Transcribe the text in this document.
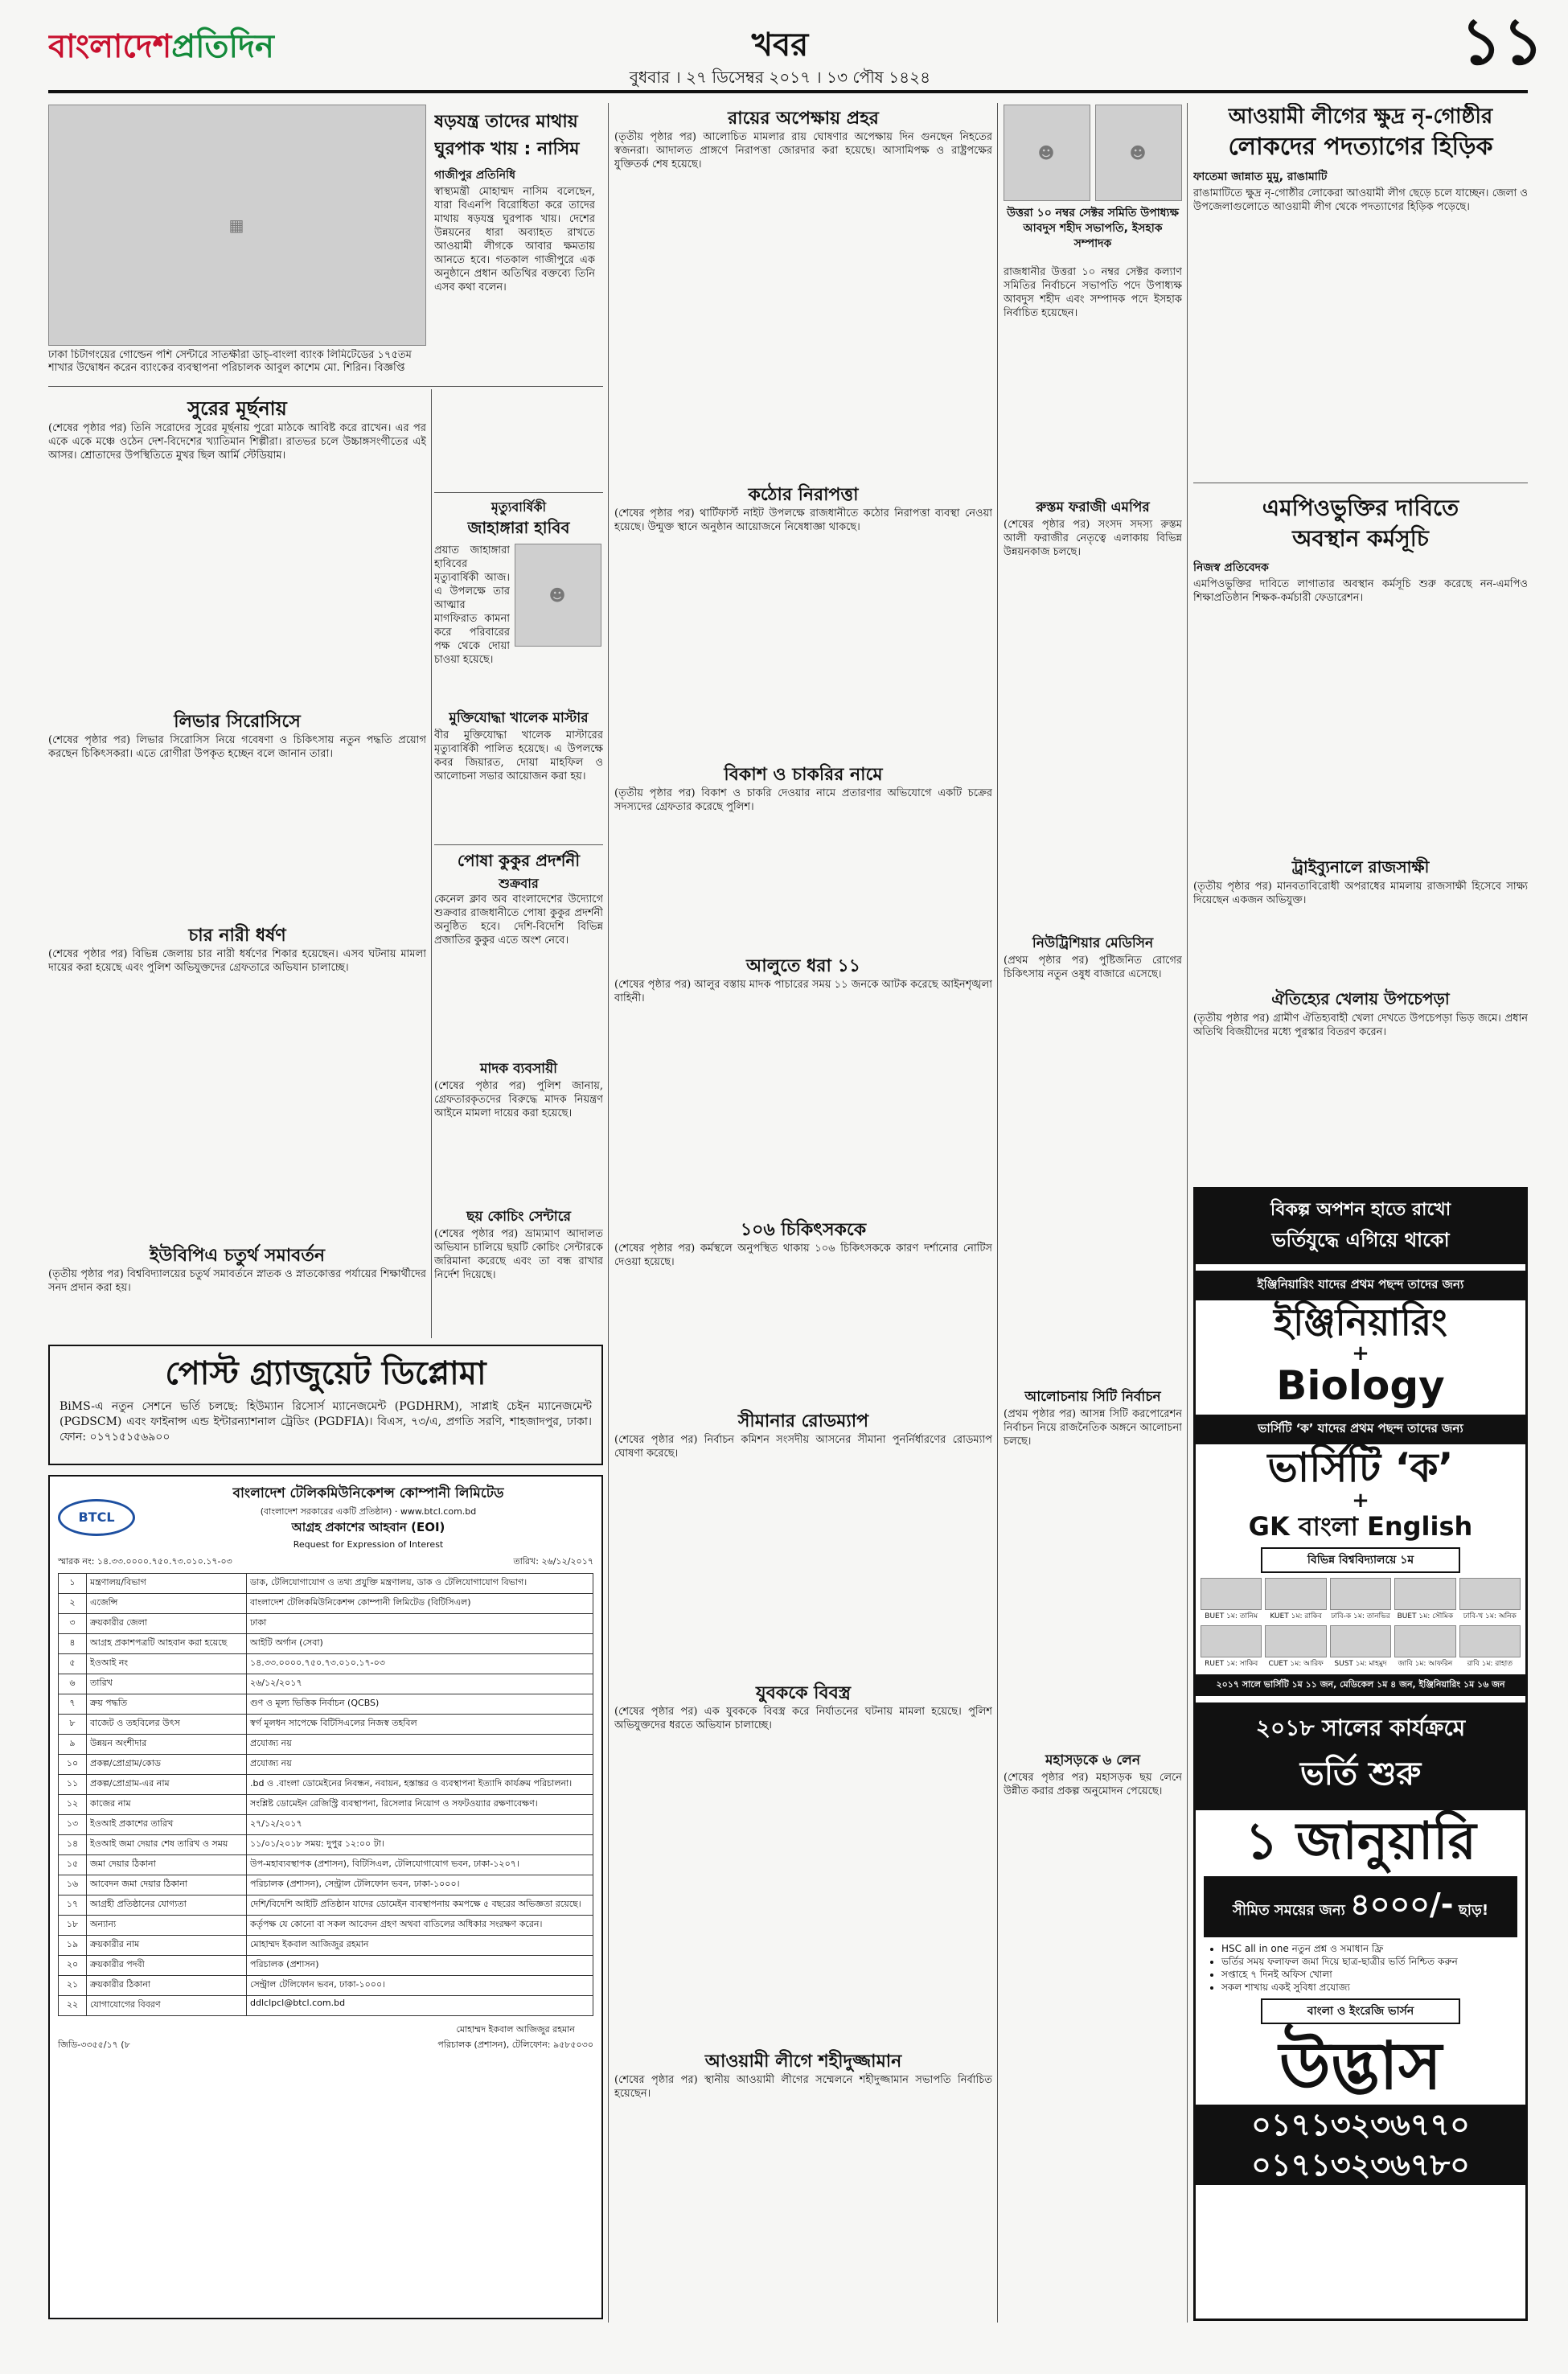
বাংলাদেশপ্রতিদিন	খবর
বুধবার । ২৭ ডিসেম্বর ২০১৭ । ১৩ পৌষ ১৪২৪	১১
▦
ঢাকা চিটাগংয়ের গোল্ডেন পশি সেন্টারে সাতক্ষীরা ডাচ্‌-বাংলা ব্যাংক লিমিটেডের ১৭৫তম শাখার উদ্বোধন করেন ব্যাংকের ব্যবস্থাপনা পরিচালক আবুল কাশেম মো. শিরিন। বিজ্ঞপ্তি
ষড়যন্ত্র তাদের মাথায়
ঘুরপাক খায় : নাসিম
গাজীপুর প্রতিনিধি
স্বাস্থ্যমন্ত্রী মোহাম্মদ নাসিম বলেছেন, যারা বিএনপি বিরোধিতা করে তাদের মাথায় ষড়যন্ত্র ঘুরপাক খায়। দেশের উন্নয়নের ধারা অব্যাহত রাখতে আওয়ামী লীগকে আবার ক্ষমতায় আনতে হবে। গতকাল গাজীপুরে এক অনুষ্ঠানে প্রধান অতিথির বক্তব্যে তিনি এসব কথা বলেন।
সুরের মূর্ছনায়
(শেষের পৃষ্ঠার পর) তিনি সরোদের সুরের মূর্ছনায় পুরো মাঠকে আবিষ্ট করে রাখেন। এর পর একে একে মঞ্চে ওঠেন দেশ-বিদেশের খ্যাতিমান শিল্পীরা। রাতভর চলে উচ্চাঙ্গসংগীতের এই আসর। শ্রোতাদের উপস্থিতিতে মুখর ছিল আর্মি স্টেডিয়াম।
লিভার সিরোসিসে
(শেষের পৃষ্ঠার পর) লিভার সিরোসিস নিয়ে গবেষণা ও চিকিৎসায় নতুন পদ্ধতি প্রয়োগ করছেন চিকিৎসকরা। এতে রোগীরা উপকৃত হচ্ছেন বলে জানান তারা।
চার নারী ধর্ষণ
(শেষের পৃষ্ঠার পর) বিভিন্ন জেলায় চার নারী ধর্ষণের শিকার হয়েছেন। এসব ঘটনায় মামলা দায়ের করা হয়েছে এবং পুলিশ অভিযুক্তদের গ্রেফতারে অভিযান চালাচ্ছে।
ইউবিপিএ চতুর্থ সমাবর্তন
(তৃতীয় পৃষ্ঠার পর) বিশ্ববিদ্যালয়ের চতুর্থ সমাবর্তনে স্নাতক ও স্নাতকোত্তর পর্যায়ের শিক্ষার্থীদের সনদ প্রদান করা হয়।
পোস্ট গ্র্যাজুয়েট ডিপ্লোমা
BiMS-এ নতুন সেশনে ভর্তি চলছে: হিউম্যান রিসোর্স ম্যানেজমেন্ট (PGDHRM), সাপ্লাই চেইন ম্যানেজমেন্ট (PGDSCM) এবং ফাইনান্স এন্ড ইন্টারন্যাশনাল ট্রেডিং (PGDFIA)। বিএস, ৭৩/এ, প্রগতি সরণি, শাহজাদপুর, ঢাকা। ফোন: ০১৭১৫১৫৬৯০০
BTCL
বাংলাদেশ টেলিকমিউনিকেশন্স কোম্পানী লিমিটেড
(বাংলাদেশ সরকারের একটি প্রতিষ্ঠান) · www.btcl.com.bd
আগ্রহ প্রকাশের আহবান (EOI)
Request for Expression of Interest
স্মারক নং: ১৪.৩৩.০০০০.৭৫০.৭৩.০১০.১৭-০৩	তারিখ: ২৬/১২/২০১৭
১	মন্ত্রণালয়/বিভাগ	ডাক, টেলিযোগাযোগ ও তথ্য প্রযুক্তি মন্ত্রণালয়, ডাক ও টেলিযোগাযোগ বিভাগ।
২	এজেন্সি	বাংলাদেশ টেলিকমিউনিকেশন্স কোম্পানী লিমিটেড (বিটিসিএল)
৩	ক্রয়কারীর জেলা	ঢাকা
৪	আগ্রহ প্রকাশপত্রটি আহবান করা হয়েছে	আইটি অর্গান (সেবা)
৫	ইওআই নং	১৪.৩৩.০০০০.৭৫০.৭৩.০১০.১৭-০৩
৬	তারিখ	২৬/১২/২০১৭
৭	ক্রয় পদ্ধতি	গুণ ও মূল্য ভিত্তিক নির্বাচন (QCBS)
৮	বাজেট ও তহবিলের উৎস	স্বর্গ মূলধন সাপেক্ষে বিটিসিএলের নিজস্ব তহবিল
৯	উন্নয়ন অংশীদার	প্রযোজ্য নয়
১০	প্রকল্প/প্রোগ্রাম/কোড	প্রযোজ্য নয়
১১	প্রকল্প/প্রোগ্রাম-এর নাম	.bd ও .বাংলা ডোমেইনের নিবন্ধন, নবায়ন, হস্তান্তর ও ব্যবস্থাপনা ইত্যাদি কার্যক্রম পরিচালনা।
১২	কাজের নাম	সংশ্লিষ্ট ডোমেইন রেজিস্ট্রি ব্যবস্থাপনা, রিসেলার নিয়োগ ও সফটওয়্যার রক্ষণাবেক্ষণ।
১৩	ইওআই প্রকাশের তারিখ	২৭/১২/২০১৭
১৪	ইওআই জমা দেয়ার শেষ তারিখ ও সময়	১১/০১/২০১৮ সময়: দুপুর ১২:০০ টা।
১৫	জমা দেয়ার ঠিকানা	উপ-মহাব্যবস্থাপক (প্রশাসন), বিটিসিএল, টেলিযোগাযোগ ভবন, ঢাকা-১২০৭।
১৬	আবেদন জমা দেয়ার ঠিকানা	পরিচালক (প্রশাসন), সেন্ট্রাল টেলিফোন ভবন, ঢাকা-১০০০।
১৭	আগ্রহী প্রতিষ্ঠানের যোগ্যতা	দেশি/বিদেশি আইটি প্রতিষ্ঠান যাদের ডোমেইন ব্যবস্থাপনায় কমপক্ষে ৫ বছরের অভিজ্ঞতা রয়েছে।
১৮	অন্যান্য	কর্তৃপক্ষ যে কোনো বা সকল আবেদন গ্রহণ অথবা বাতিলের অধিকার সংরক্ষণ করেন।
১৯	ক্রয়কারীর নাম	মোহাম্মদ ইকবাল আজিজুর রহমান
২০	ক্রয়কারীর পদবী	পরিচালক (প্রশাসন)
২১	ক্রয়কারীর ঠিকানা	সেন্ট্রাল টেলিফোন ভবন, ঢাকা-১০০০।
২২	যোগাযোগের বিবরণ	ddlclpcl@btcl.com.bd
জিডি-৩৩৫৫/১৭ (৮
মোহাম্মদ ইকবাল আজিজুর রহমান
পরিচালক (প্রশাসন), টেলিফোন: ৯৫৮৫০৩০
মৃত্যুবার্ষিকী
জাহাঙ্গারা হাবিব
☻
প্রয়াত জাহাঙ্গারা হাবিবের মৃত্যুবার্ষিকী আজ। এ উপলক্ষে তার আত্মার মাগফিরাত কামনা করে পরিবারের পক্ষ থেকে দোয়া চাওয়া হয়েছে।
মুক্তিযোদ্ধা খালেক মাস্টার
বীর মুক্তিযোদ্ধা খালেক মাস্টারের মৃত্যুবার্ষিকী পালিত হয়েছে। এ উপলক্ষে কবর জিয়ারত, দোয়া মাহফিল ও আলোচনা সভার আয়োজন করা হয়।
পোষা কুকুর প্রদর্শনী
শুক্রবার
কেনেল ক্লাব অব বাংলাদেশের উদ্যোগে শুক্রবার রাজধানীতে পোষা কুকুর প্রদর্শনী অনুষ্ঠিত হবে। দেশি-বিদেশি বিভিন্ন প্রজাতির কুকুর এতে অংশ নেবে।
মাদক ব্যবসায়ী
(শেষের পৃষ্ঠার পর) পুলিশ জানায়, গ্রেফতারকৃতদের বিরুদ্ধে মাদক নিয়ন্ত্রণ আইনে মামলা দায়ের করা হয়েছে।
ছয় কোচিং সেন্টারে
(শেষের পৃষ্ঠার পর) ভ্রাম্যমাণ আদালত অভিযান চালিয়ে ছয়টি কোচিং সেন্টারকে জরিমানা করেছে এবং তা বন্ধ রাখার নির্দেশ দিয়েছে।
রায়ের অপেক্ষায় প্রহর
(তৃতীয় পৃষ্ঠার পর) আলোচিত মামলার রায় ঘোষণার অপেক্ষায় দিন গুনছেন নিহতের স্বজনরা। আদালত প্রাঙ্গণে নিরাপত্তা জোরদার করা হয়েছে। আসামিপক্ষ ও রাষ্ট্রপক্ষের যুক্তিতর্ক শেষ হয়েছে।
কঠোর নিরাপত্তা
(শেষের পৃষ্ঠার পর) থার্টিফার্স্ট নাইট উপলক্ষে রাজধানীতে কঠোর নিরাপত্তা ব্যবস্থা নেওয়া হয়েছে। উন্মুক্ত স্থানে অনুষ্ঠান আয়োজনে নিষেধাজ্ঞা থাকছে।
বিকাশ ও চাকরির নামে
(তৃতীয় পৃষ্ঠার পর) বিকাশ ও চাকরি দেওয়ার নামে প্রতারণার অভিযোগে একটি চক্রের সদস্যদের গ্রেফতার করেছে পুলিশ।
আলুতে ধরা ১১
(শেষের পৃষ্ঠার পর) আলুর বস্তায় মাদক পাচারের সময় ১১ জনকে আটক করেছে আইনশৃঙ্খলা বাহিনী।
১০৬ চিকিৎসককে
(শেষের পৃষ্ঠার পর) কর্মস্থলে অনুপস্থিত থাকায় ১০৬ চিকিৎসককে কারণ দর্শানোর নোটিস দেওয়া হয়েছে।
সীমানার রোডম্যাপ
(শেষের পৃষ্ঠার পর) নির্বাচন কমিশন সংসদীয় আসনের সীমানা পুনর্নির্ধারণের রোডম্যাপ ঘোষণা করেছে।
যুবককে বিবস্ত্র
(শেষের পৃষ্ঠার পর) এক যুবককে বিবস্ত্র করে নির্যাতনের ঘটনায় মামলা হয়েছে। পুলিশ অভিযুক্তদের ধরতে অভিযান চালাচ্ছে।
আওয়ামী লীগে শহীদুজ্জামান
(শেষের পৃষ্ঠার পর) স্থানীয় আওয়ামী লীগের সম্মেলনে শহীদুজ্জামান সভাপতি নির্বাচিত হয়েছেন।
☻	☻
উত্তরা ১০ নম্বর সেক্টর সমিতি উপাধ্যক্ষ আবদুস শহীদ সভাপতি, ইসহাক সম্পাদক
রাজধানীর উত্তরা ১০ নম্বর সেক্টর কল্যাণ সমিতির নির্বাচনে সভাপতি পদে উপাধ্যক্ষ আবদুস শহীদ এবং সম্পাদক পদে ইসহাক নির্বাচিত হয়েছেন।
রুস্তম ফরাজী এমপির
(শেষের পৃষ্ঠার পর) সংসদ সদস্য রুস্তম আলী ফরাজীর নেতৃত্বে এলাকায় বিভিন্ন উন্নয়নকাজ চলছে।
নিউট্রিশিয়ার মেডিসিন
(প্রথম পৃষ্ঠার পর) পুষ্টিজনিত রোগের চিকিৎসায় নতুন ওষুধ বাজারে এসেছে।
আলোচনায় সিটি নির্বাচন
(প্রথম পৃষ্ঠার পর) আসন্ন সিটি করপোরেশন নির্বাচন নিয়ে রাজনৈতিক অঙ্গনে আলোচনা চলছে।
মহাসড়কে ৬ লেন
(শেষের পৃষ্ঠার পর) মহাসড়ক ছয় লেনে উন্নীত করার প্রকল্প অনুমোদন পেয়েছে।
আওয়ামী লীগের ক্ষুদ্র নৃ-গোষ্ঠীর
লোকদের পদত্যাগের হিড়িক
ফাতেমা জান্নাত মুমু, রাঙামাটি
রাঙামাটিতে ক্ষুদ্র নৃ-গোষ্ঠীর লোকেরা আওয়ামী লীগ ছেড়ে চলে যাচ্ছেন। জেলা ও উপজেলাগুলোতে আওয়ামী লীগ থেকে পদত্যাগের হিড়িক পড়েছে।
এমপিওভুক্তির দাবিতে
অবস্থান কর্মসূচি
নিজস্ব প্রতিবেদক
এমপিওভুক্তির দাবিতে লাগাতার অবস্থান কর্মসূচি শুরু করেছে নন-এমপিও শিক্ষাপ্রতিষ্ঠান শিক্ষক-কর্মচারী ফেডারেশন।
ট্রাইব্যুনালে রাজসাক্ষী
(তৃতীয় পৃষ্ঠার পর) মানবতাবিরোধী অপরাধের মামলায় রাজসাক্ষী হিসেবে সাক্ষ্য দিয়েছেন একজন অভিযুক্ত।
ঐতিহ্যের খেলায় উপচেপড়া
(তৃতীয় পৃষ্ঠার পর) গ্রামীণ ঐতিহ্যবাহী খেলা দেখতে উপচেপড়া ভিড় জমে। প্রধান অতিথি বিজয়ীদের মধ্যে পুরস্কার বিতরণ করেন।
বিকল্প অপশন হাতে রাখো
ভর্তিযুদ্ধে এগিয়ে থাকো
ইঞ্জিনিয়ারিং যাদের প্রথম পছন্দ তাদের জন্য
ইঞ্জিনিয়ারিং
+
Biology
ভার্সিটি ‘ক’ যাদের প্রথম পছন্দ তাদের জন্য
ভার্সিটি ‘ক’
+
GK বাংলা English
বিভিন্ন বিশ্ববিদ্যালয়ে ১ম
BUET ১ম: তানিম	KUET ১ম: রাকিব	ঢাবি-ক ১ম: তানভির BUET ১ম: সৌমিক	ঢাবি-খ ১ম: অনিক
RUET ১ম: সাকিব	CUET ১ম: আরিফ	SUST ১ম: মাহমুদ	জাবি ১ম: আফরিন	রাবি ১ম: রাহাত
২০১৭ সালে ভার্সিটি ১ম ১১ জন, মেডিকেল ১ম ৪ জন, ইঞ্জিনিয়ারিং ১ম ১৬ জন
২০১৮ সালের কার্যক্রমে
ভর্তি শুরু
১ জানুয়ারি
সীমিত সময়ের জন্য ৪০০০/- ছাড়!
• HSC all in one নতুন প্রশ্ন ও সমাধান ফ্রি
• ভর্তির সময় ফলাফল জমা দিয়ে ছাত্র-ছাত্রীর ভর্তি নিশ্চিত করুন
• সপ্তাহে ৭ দিনই অফিস খোলা
• সকল শাখায় একই সুবিধা প্রযোজ্য
বাংলা ও ইংরেজি ভার্সন
উদ্ভাস
০১৭১৩২৩৬৭৭০
০১৭১৩২৩৬৭৮০
